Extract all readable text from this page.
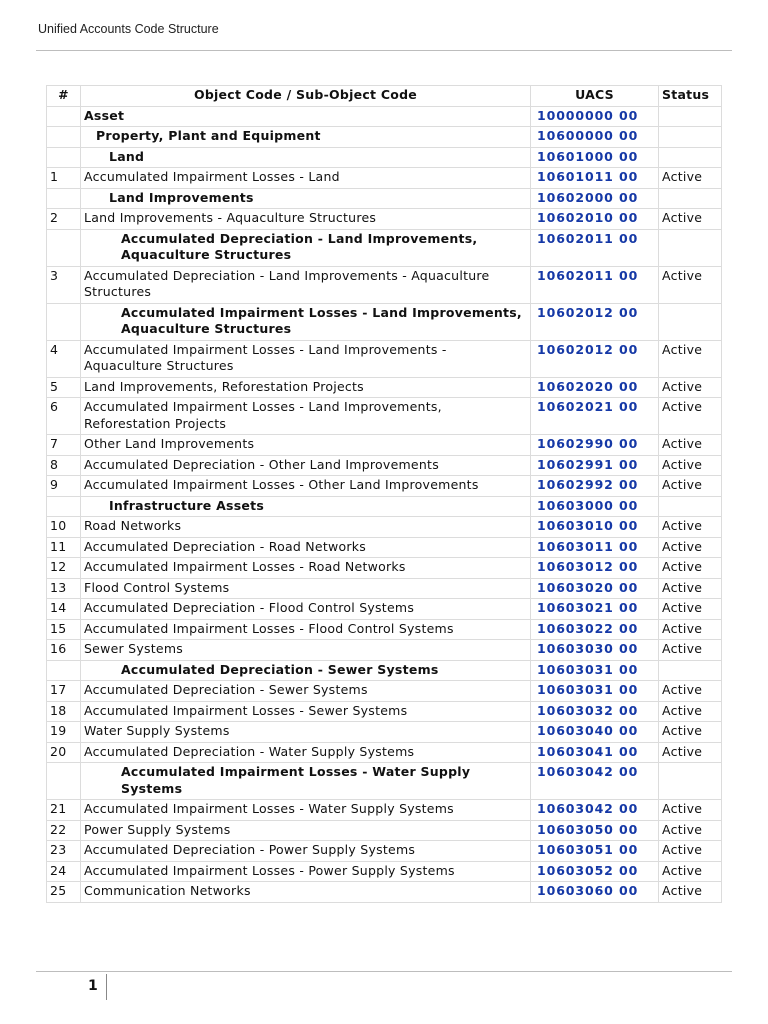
Unified Accounts Code Structure
#	Object Code / Sub-Object Code	UACS	Status
	Asset	10000000 00	
	Property, Plant and Equipment	10600000 00	
	Land	10601000 00	
1	Accumulated Impairment Losses - Land	10601011 00	Active
	Land Improvements	10602000 00	
2	Land Improvements - Aquaculture Structures	10602010 00	Active
	Accumulated Depreciation - Land Improvements, Aquaculture Structures	10602011 00	
3	Accumulated Depreciation - Land Improvements - Aquaculture Structures	10602011 00	Active
	Accumulated Impairment Losses - Land Improvements, Aquaculture Structures	10602012 00	
4	Accumulated Impairment Losses - Land Improvements - Aquaculture Structures	10602012 00	Active
5	Land Improvements, Reforestation Projects	10602020 00	Active
6	Accumulated Impairment Losses - Land Improvements, Reforestation Projects	10602021 00	Active
7	Other Land Improvements	10602990 00	Active
8	Accumulated Depreciation - Other Land Improvements	10602991 00	Active
9	Accumulated Impairment Losses - Other Land Improvements	10602992 00	Active
	Infrastructure Assets	10603000 00	
10	Road Networks	10603010 00	Active
11	Accumulated Depreciation - Road Networks	10603011 00	Active
12	Accumulated Impairment Losses - Road Networks	10603012 00	Active
13	Flood Control Systems	10603020 00	Active
14	Accumulated Depreciation - Flood Control Systems	10603021 00	Active
15	Accumulated Impairment Losses - Flood Control Systems	10603022 00	Active
16	Sewer Systems	10603030 00	Active
	Accumulated Depreciation - Sewer Systems	10603031 00	
17	Accumulated Depreciation - Sewer Systems	10603031 00	Active
18	Accumulated Impairment Losses - Sewer Systems	10603032 00	Active
19	Water Supply Systems	10603040 00	Active
20	Accumulated Depreciation - Water Supply Systems	10603041 00	Active
	Accumulated Impairment Losses - Water Supply Systems	10603042 00	
21	Accumulated Impairment Losses - Water Supply Systems	10603042 00	Active
22	Power Supply Systems	10603050 00	Active
23	Accumulated Depreciation - Power Supply Systems	10603051 00	Active
24	Accumulated Impairment Losses - Power Supply Systems	10603052 00	Active
25	Communication Networks	10603060 00	Active
1
